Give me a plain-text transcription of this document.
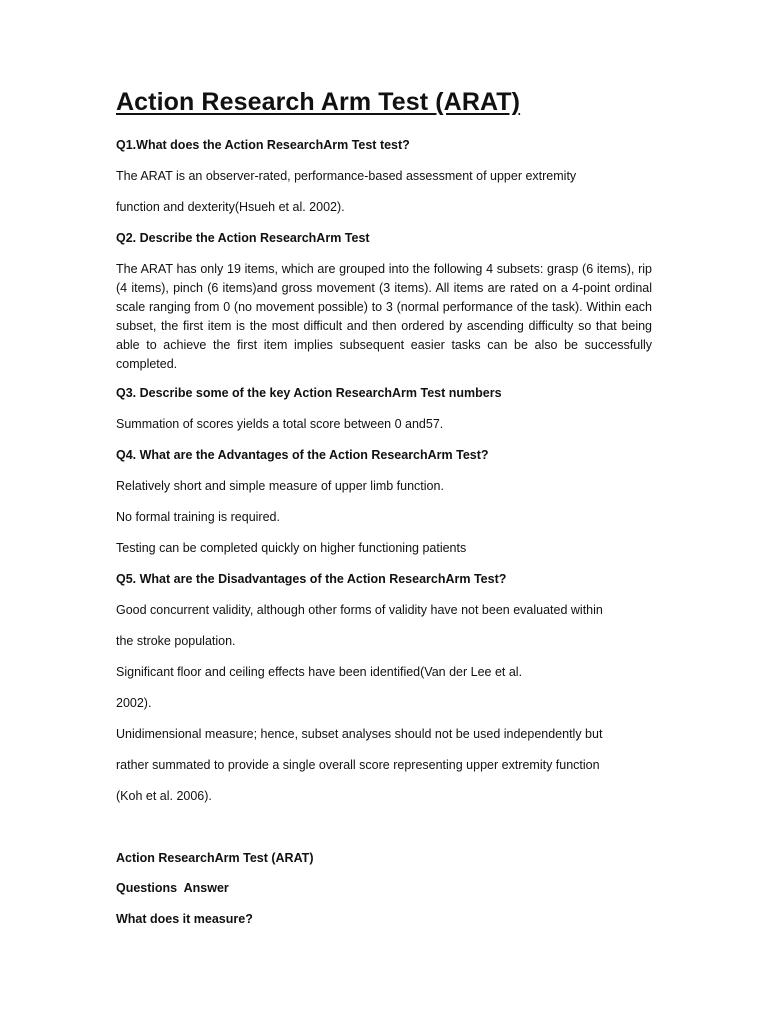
Action Research Arm Test (ARAT)

Q1.What does the Action ResearchArm Test test?

The ARAT is an observer-rated, performance-based assessment of upper extremity

function and dexterity(Hsueh et al. 2002).

Q2. Describe the Action ResearchArm Test

The ARAT has only 19 items, which are grouped into the following 4 subsets: grasp (6 items), rip (4 items), pinch (6 items)and gross movement (3 items). All items are rated on a 4-point ordinal scale ranging from 0 (no movement possible) to 3 (normal performance of the task). Within each subset, the first item is the most difficult and then ordered by ascending difficulty so that being able to achieve the first item implies subsequent easier tasks can be also be successfully completed.

Q3. Describe some of the key Action ResearchArm Test numbers

Summation of scores yields a total score between 0 and57.

Q4. What are the Advantages of the Action ResearchArm Test?

Relatively short and simple measure of upper limb function.

No formal training is required.

Testing can be completed quickly on higher functioning patients

Q5. What are the Disadvantages of the Action ResearchArm Test?

Good concurrent validity, although other forms of validity have not been evaluated within

the stroke population.

Significant floor and ceiling effects have been identified(Van der Lee et al.

2002).

Unidimensional measure; hence, subset analyses should not be used independently but

rather summated to provide a single overall score representing upper extremity function

(Koh et al. 2006).

Action ResearchArm Test (ARAT)

Questions  Answer

What does it measure?
